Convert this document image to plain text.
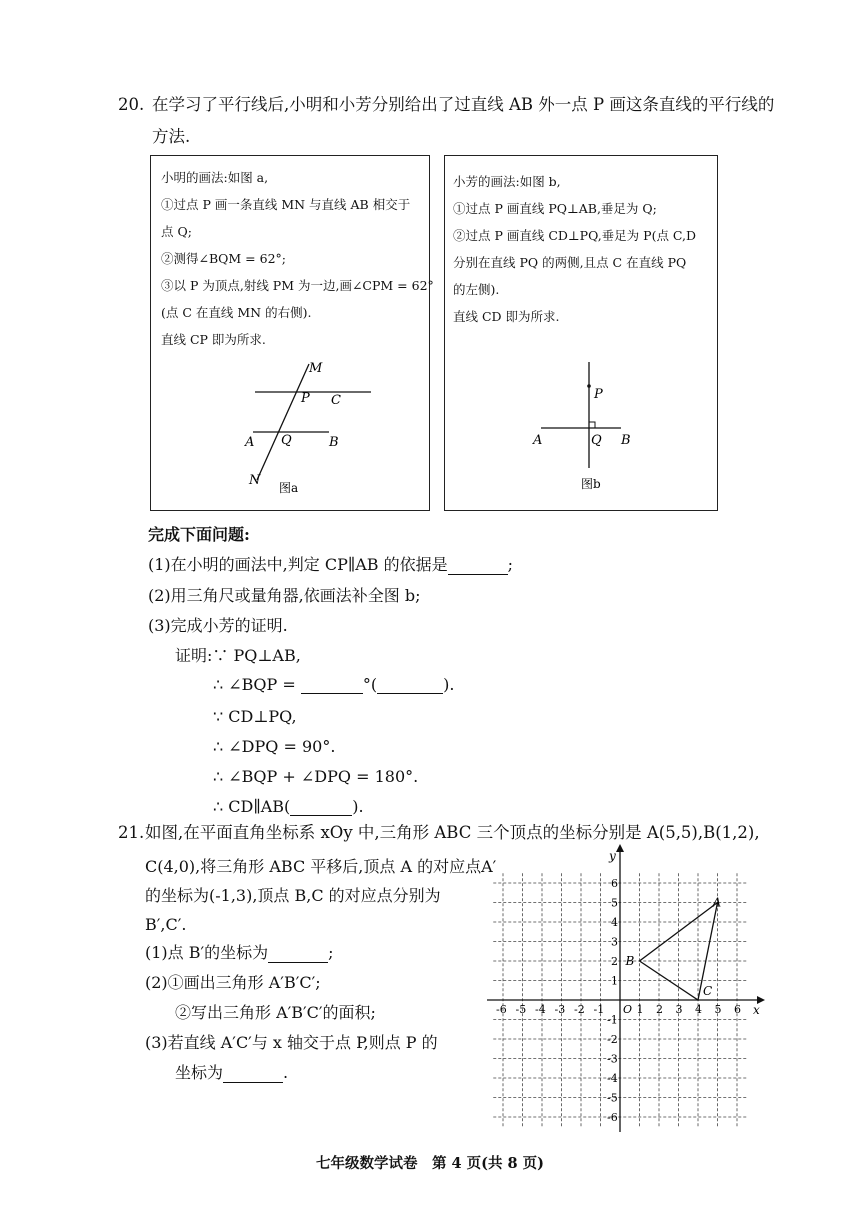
20. 在学习了平行线后,小明和小芳分别给出了过直线 AB 外一点 P 画这条直线的平行线的
方法.
小明的画法:如图 a,
①过点 P 画一条直线 MN 与直线 AB 相交于
点 Q;
②测得∠BQM = 62°;
③以 P 为顶点,射线 PM 为一边,画∠CPM = 62°
(点 C 在直线 MN 的右侧).
直线 CP 即为所求.
M
P C
A Q	B
N 图a
小芳的画法:如图 b,
①过点 P 画直线 PQ⊥AB,垂足为 Q;
②过点 P 画直线 CD⊥PQ,垂足为 P(点 C,D
分别在直线 PQ 的两侧,且点 C 在直线 PQ
的左侧).
直线 CD 即为所求.
P
A	Q B
图b
完成下面问题:
(1)在小明的画法中,判定 CP∥AB 的依据是	;
(2)用三角尺或量角器,依画法补全图 b;
(3)完成小芳的证明.
证明:∵ PQ⊥AB,
∴ ∠BQP =	°(	).
∵ CD⊥PQ,
∴ ∠DPQ = 90°.
∴ ∠BQP + ∠DPQ = 180°.
∴ CD∥AB(	).
21. 如图,在平面直角坐标系 xOy 中,三角形 ABC 三个顶点的坐标分别是 A(5,5),B(1,2),
C(4,0),将三角形 ABC 平移后,顶点 A 的对应点A′
的坐标为(-1,3),顶点 B,C 的对应点分别为
B′,C′.
(1)点 B′的坐标为	;
(2)①画出三角形 A′B′C′;
②写出三角形 A′B′C′的面积;
(3)若直线 A′C′与 x 轴交于点 P,则点 P 的
坐标为	.
x
y
O
-6 -5 -4 -3 -2 -1	1 2 3 4 5 6
6
5
4
3
2
1
-1
-2
-3
-4
-5
-6
A
B
C
七年级数学试卷　第 4 页(共 8 页)
